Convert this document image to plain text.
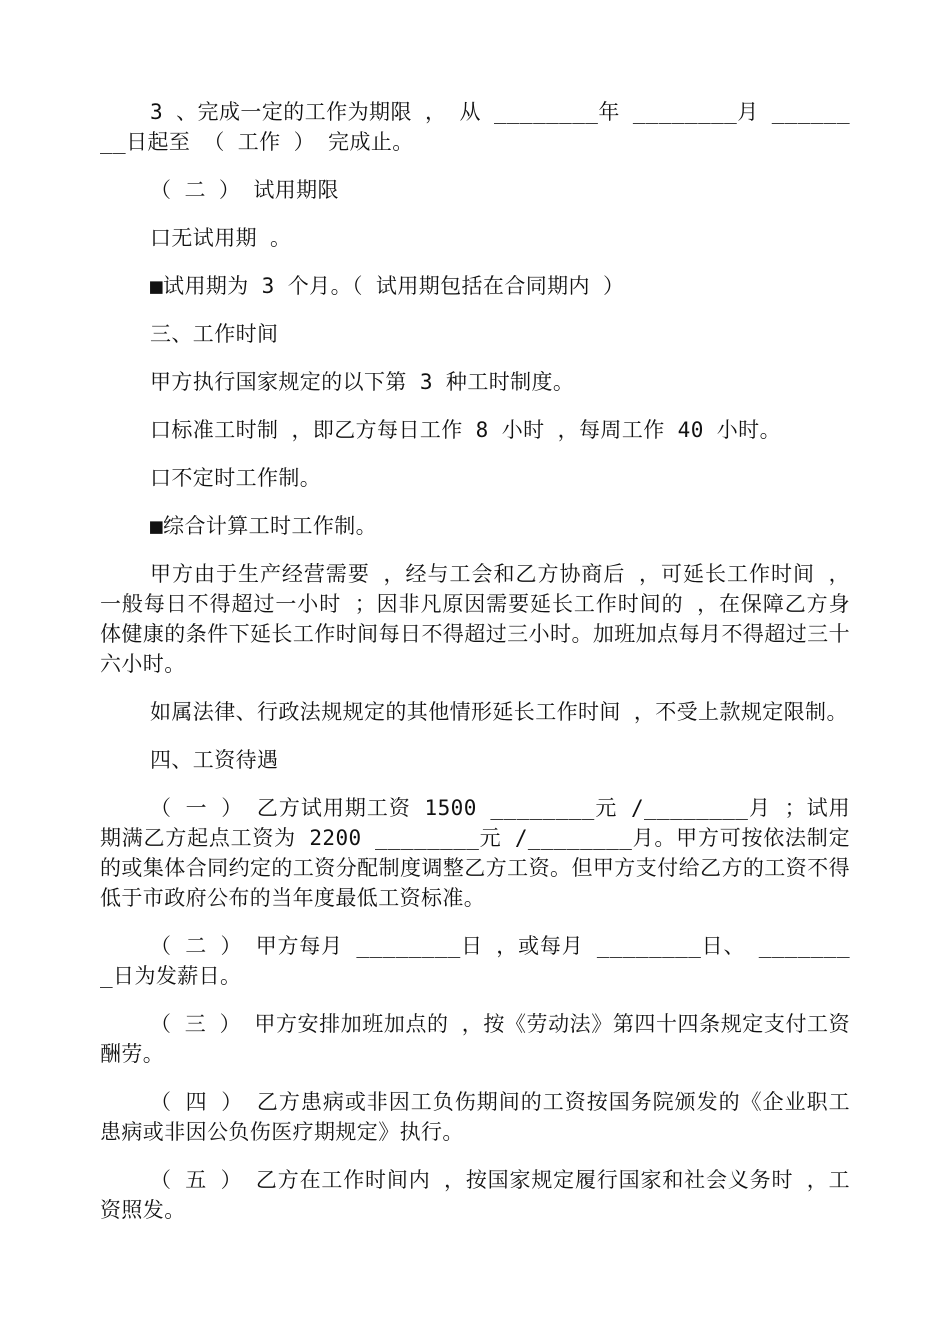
3 、完成一定的工作为期限 ， 从 ________年 ________月 ________日起至 （ 工作 ） 完成止。

（ 二 ） 试用期限

口无试用期 。

■试用期为 3 个月。（ 试用期包括在合同期内 ）

三、工作时间

甲方执行国家规定的以下第 3 种工时制度。

口标准工时制 ，即乙方每日工作 8 小时 ，每周工作 40 小时。

口不定时工作制。

■综合计算工时工作制。

甲方由于生产经营需要 ，经与工会和乙方协商后 ，可延长工作时间 ，一般每日不得超过一小时 ；因非凡原因需要延长工作时间的 ，在保障乙方身体健康的条件下延长工作时间每日不得超过三小时。加班加点每月不得超过三十六小时。

如属法律、行政法规规定的其他情形延长工作时间 ，不受上款规定限制。

四、工资待遇

（ 一 ） 乙方试用期工资 1500 ________元 /________月 ；试用期满乙方起点工资为 2200 ________元 /________月。甲方可按依法制定的或集体合同约定的工资分配制度调整乙方工资。但甲方支付给乙方的工资不得低于市政府公布的当年度最低工资标准。

（ 二 ） 甲方每月 ________日 ，或每月 ________日、 ________日为发薪日。

（ 三 ） 甲方安排加班加点的 ，按《劳动法》第四十四条规定支付工资酬劳。

（ 四 ） 乙方患病或非因工负伤期间的工资按国务院颁发的《企业职工患病或非因公负伤医疗期规定》执行。

（ 五 ） 乙方在工作时间内 ，按国家规定履行国家和社会义务时 ，工资照发。
